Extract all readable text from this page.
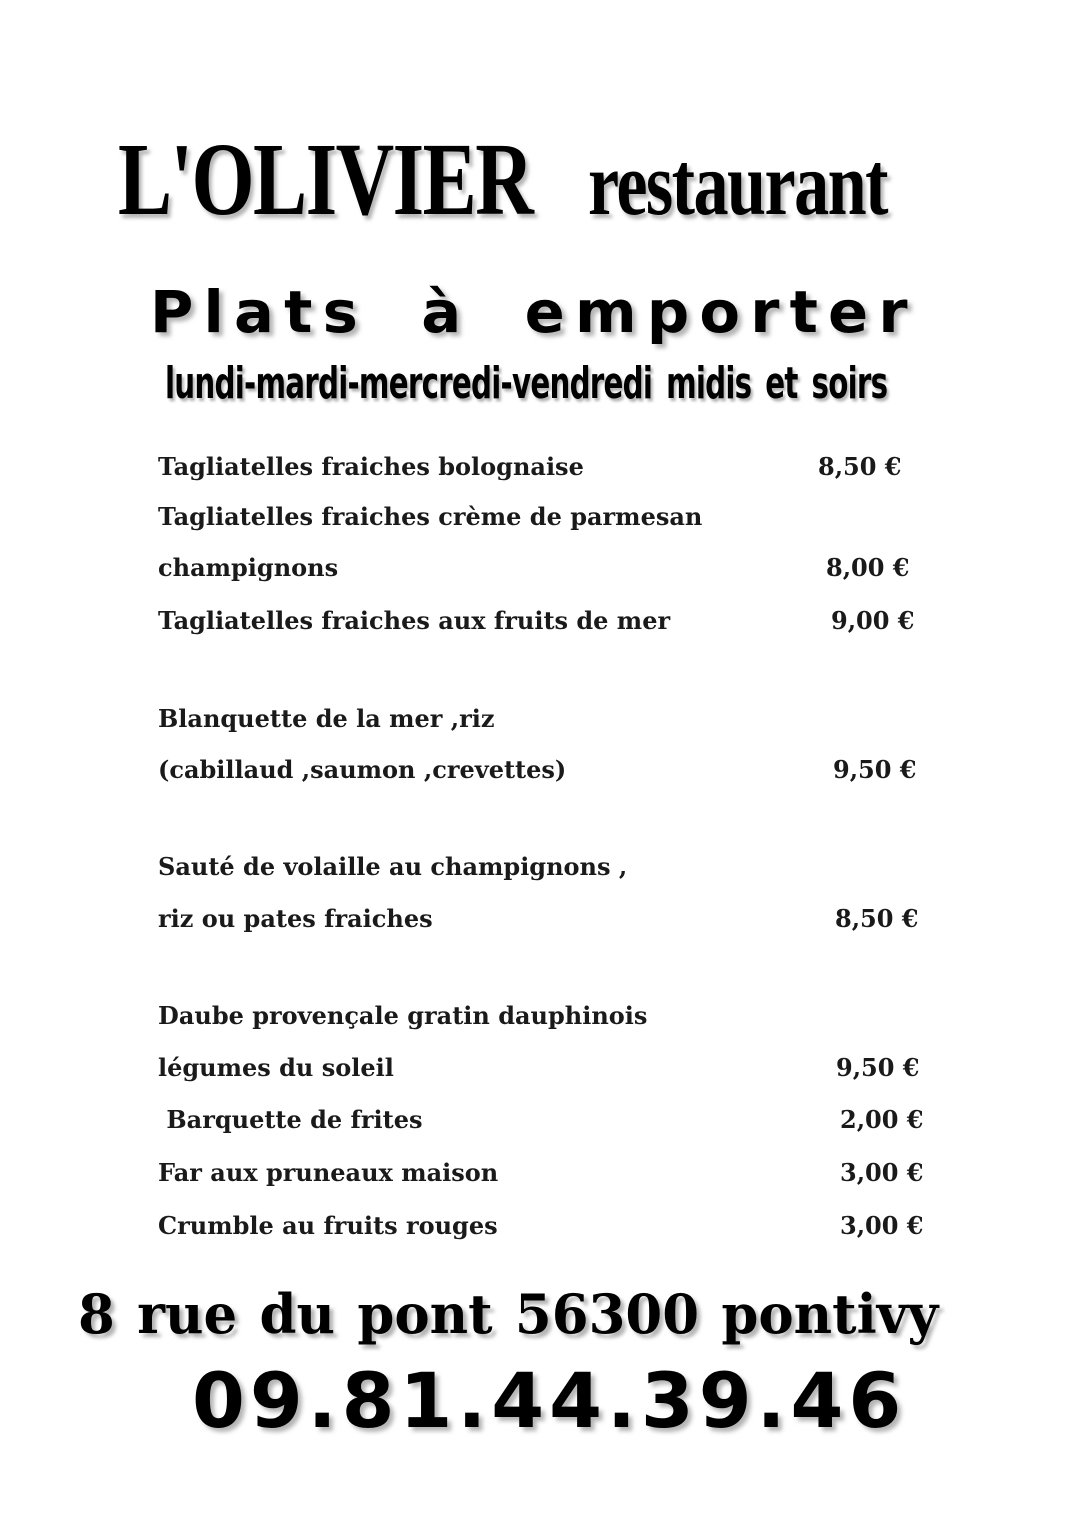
L'OLIVIER restaurant
Plats à emporter
lundi-mardi-mercredi-vendredi midis et soirs

Tagliatelles fraiches bolognaise	8,50 €

Tagliatelles fraiches crème de parmesan

champignons	8,00 €

Tagliatelles fraiches aux fruits de mer	9,00 €

Blanquette de la mer ,riz

(cabillaud ,saumon ,crevettes)	9,50 €

Sauté de volaille au champignons ,

riz ou pates fraiches	8,50 €

Daube provençale gratin dauphinois

légumes du soleil	9,50 €

Barquette de frites	2,00 €

Far aux pruneaux maison	3,00 €

Crumble au fruits rouges	3,00 €

8 rue du pont 56300 pontivy
09.81.44.39.46
